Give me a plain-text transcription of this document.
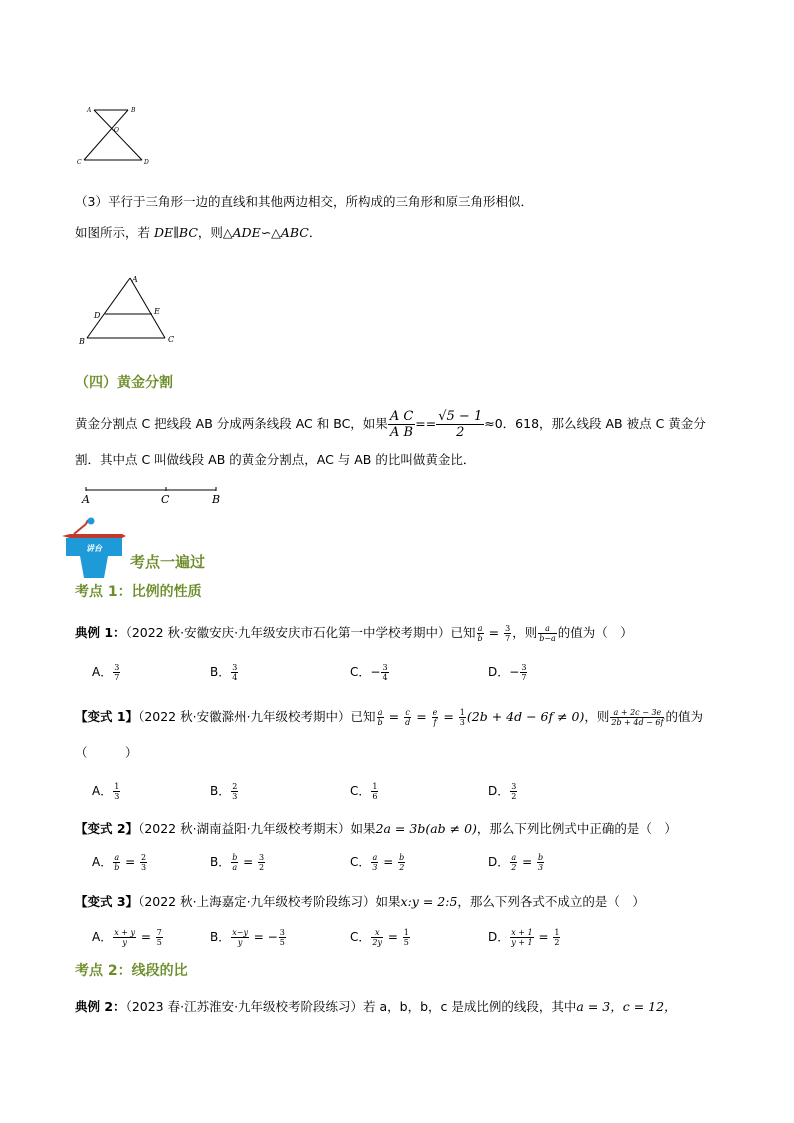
A	B
O
C	D
（3）平行于三角形一边的直线和其他两边相交，所构成的三角形和原三角形相似．
如图所示，若 DE∥BC，则△ADE∽△ABC．
A
D	E
B	C
（四）黄金分割
黄金分割点 C 把线段 AB 分成两条线段 AC 和 BC，如果 $\frac{\text{A C}}{\text{A B}} == \frac{√5 - 1}{2} \approx 0$．618，那么线段 AB 被点 C 黄金分
割．其中点 C 叫做线段 AB 的黄金分割点，AC 与 AB 的比叫做黄金比．
A	C	B
讲台
考点一遍过
考点 1：比例的性质
典例 1：（2022 秋·安徽安庆·九年级安庆市石化第一中学校考期中）已知 $\frac{a}{b} = \frac{3}{7}$ ，则 $\frac{a}{b-a}$ 的值为（　）
A． $\frac{3}{7}$	B． $\frac{3}{4}$	C．− $\frac{3}{4}$	D．− $\frac{3}{7}$
【变式 1】（2022 秋·安徽滁州·九年级校考期中）已知 $\frac{a}{b} = \frac{c}{d} = \frac{e}{f} = \frac{1}{3} (2b + 4d - 6f \ne 0)$，则 $\frac{a + 2c - 3e}{2b + 4d - 6f}$ 的值为
（　　　）
A． $\frac{1}{3}$	B． $\frac{2}{3}$	C． $\frac{1}{6}$	D． $\frac{3}{2}$
【变式 2】（2022 秋·湖南益阳·九年级校考期末）如果2a = 3b(ab ≠ 0)，那么下列比例式中正确的是（　）
A． $\frac{a}{b} = \frac{2}{3}$	B． $\frac{b}{a} = \frac{3}{2}$	C． $\frac{a}{3} = \frac{b}{2}$	D． $\frac{a}{2} = \frac{b}{3}$
【变式 3】（2022 秋·上海嘉定·九年级校考阶段练习）如果x:y = 2:5，那么下列各式不成立的是（　）
A． $\frac{x + y}{y} = \frac{7}{5}$	B． $\frac{x-y}{y}$ = − $\frac{3}{5}$	C． $\frac{x}{2y} = \frac{1}{5}$	D． $\frac{x + 1}{y + 1} = \frac{1}{2}$
考点 2：线段的比
典例 2：（2023 春·江苏淮安·九年级校考阶段练习）若 a，b，b，c 是成比例的线段，其中a = 3，c = 12，
